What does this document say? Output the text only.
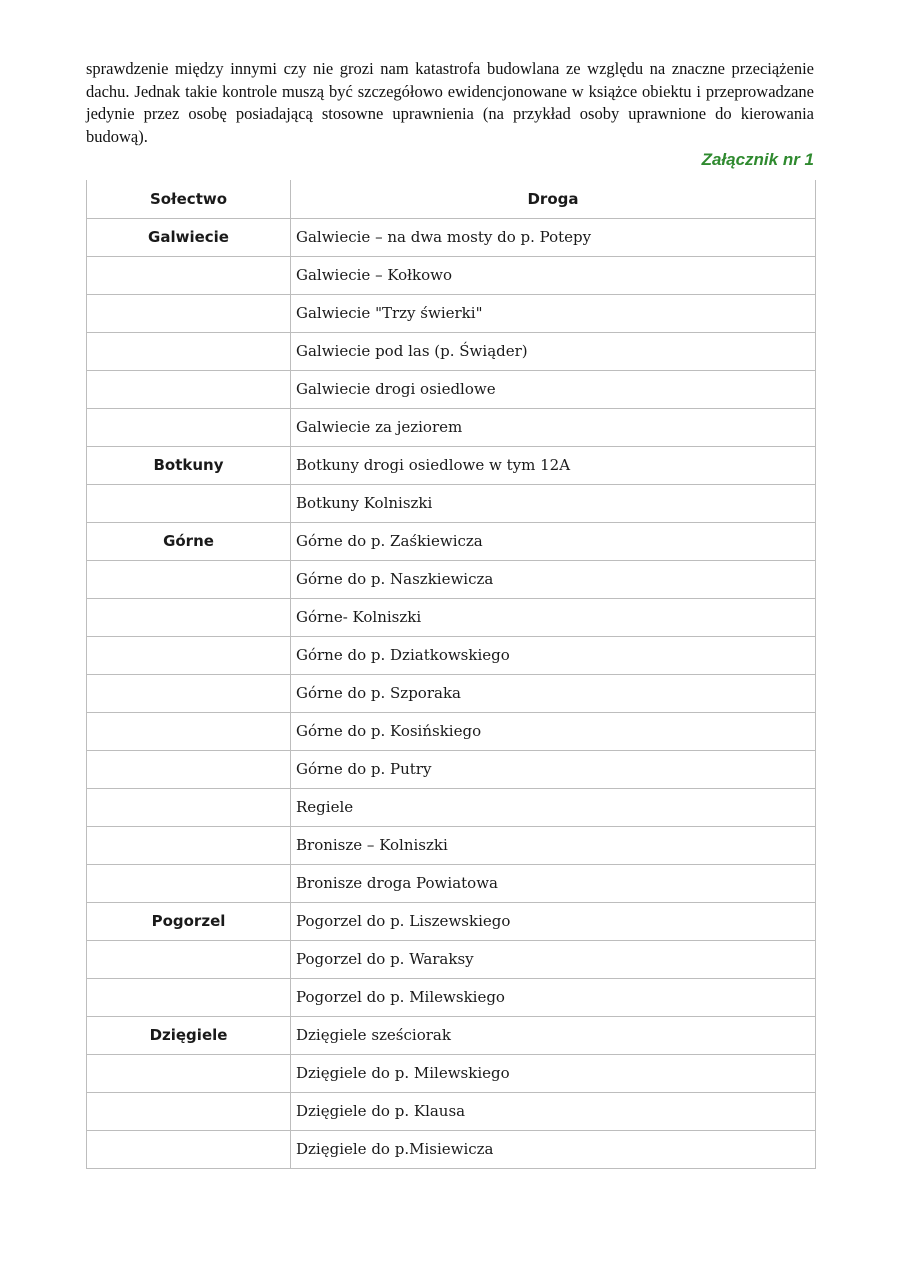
sprawdzenie między innymi czy nie grozi nam katastrofa budowlana ze względu na znaczne przeciążenie dachu. Jednak takie kontrole muszą być szczegółowo ewidencjonowane w książce obiektu i przeprowadzane jedynie przez osobę posiadającą stosowne uprawnienia (na przykład osoby uprawnione do kierowania budową).

Załącznik nr 1

Sołectwo	Droga
Galwiecie	Galwiecie – na dwa mosty do p. Potepy
	Galwiecie – Kołkowo
	Galwiecie "Trzy świerki"
	Galwiecie pod las (p. Świąder)
	Galwiecie drogi osiedlowe
	Galwiecie za jeziorem
Botkuny	Botkuny drogi osiedlowe w tym 12A
	Botkuny Kolniszki
Górne	Górne do p. Zaśkiewicza
	Górne do p. Naszkiewicza
	Górne- Kolniszki
	Górne do p. Dziatkowskiego
	Górne do p. Szporaka
	Górne do p. Kosińskiego
	Górne do p. Putry
	Regiele
	Bronisze – Kolniszki
	Bronisze droga Powiatowa
Pogorzel	Pogorzel do p. Liszewskiego
	Pogorzel do p. Waraksy
	Pogorzel do p. Milewskiego
Dzięgiele	Dzięgiele sześciorak
	Dzięgiele do p. Milewskiego
	Dzięgiele do p. Klausa
	Dzięgiele do p.Misiewicza
